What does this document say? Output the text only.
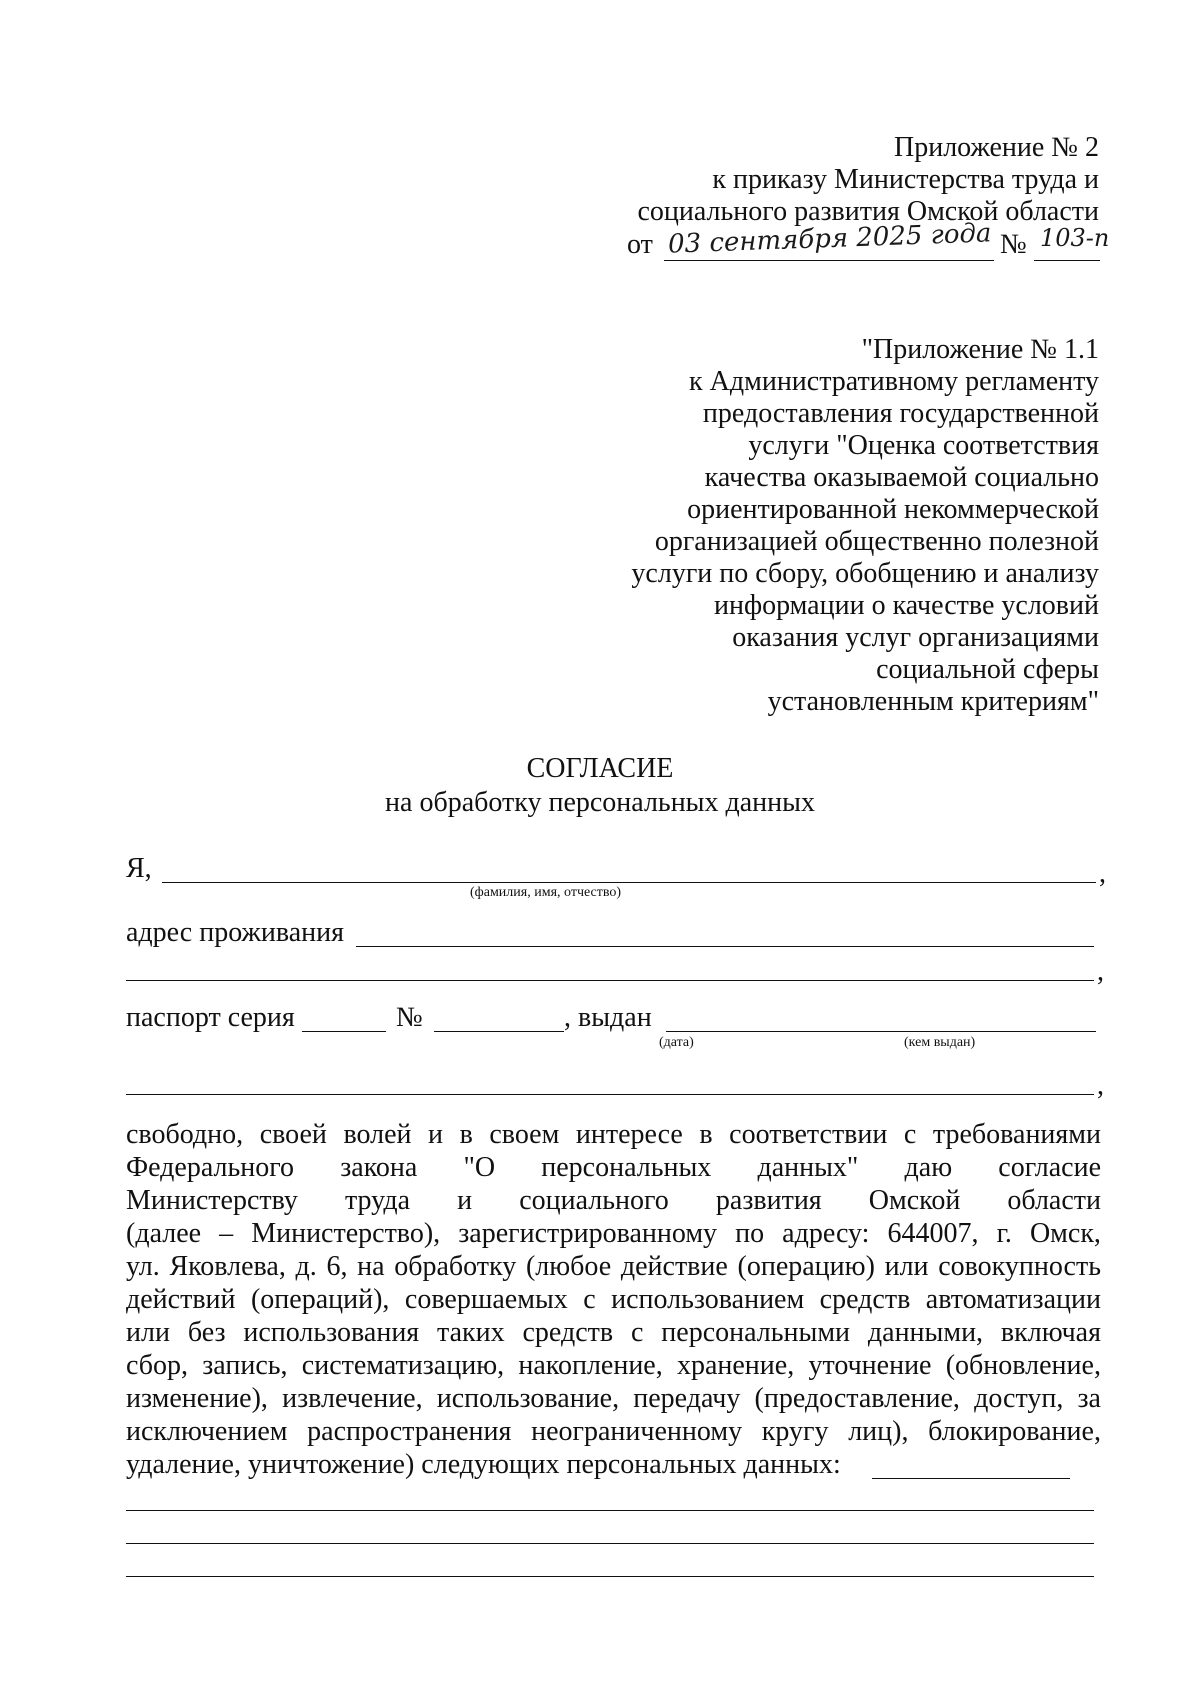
Приложение № 2
к приказу Министерства труда и
социального развития Омской области
от 03 сентября 2025 года № 103-п
"Приложение № 1.1
к Административному регламенту
предоставления государственной
услуги "Оценка соответствия
качества оказываемой социально
ориентированной некоммерческой
организацией общественно полезной
услуги по сбору, обобщению и анализу
информации о качестве условий
оказания услуг организациями
социальной сферы
установленным критериям"
СОГЛАСИЕ
на обработку персональных данных
Я,	,
(фамилия, имя, отчество)
адрес проживания
,
паспорт серия	№	, выдан
(дата)	(кем выдан)
,
свободно, своей волей и в своем интересе в соответствии с требованиями
Федерального закона "О персональных данных" даю согласие
Министерству труда и социального развития Омской области
(далее – Министерство), зарегистрированному по адресу: 644007, г. Омск,
ул. Яковлева, д. 6, на обработку (любое действие (операцию) или совокупность
действий (операций), совершаемых с использованием средств автоматизации
или без использования таких средств с персональными данными, включая
сбор, запись, систематизацию, накопление, хранение, уточнение (обновление,
изменение), извлечение, использование, передачу (предоставление, доступ, за
исключением распространения неограниченному кругу лиц), блокирование,
удаление, уничтожение) следующих персональных данных:
